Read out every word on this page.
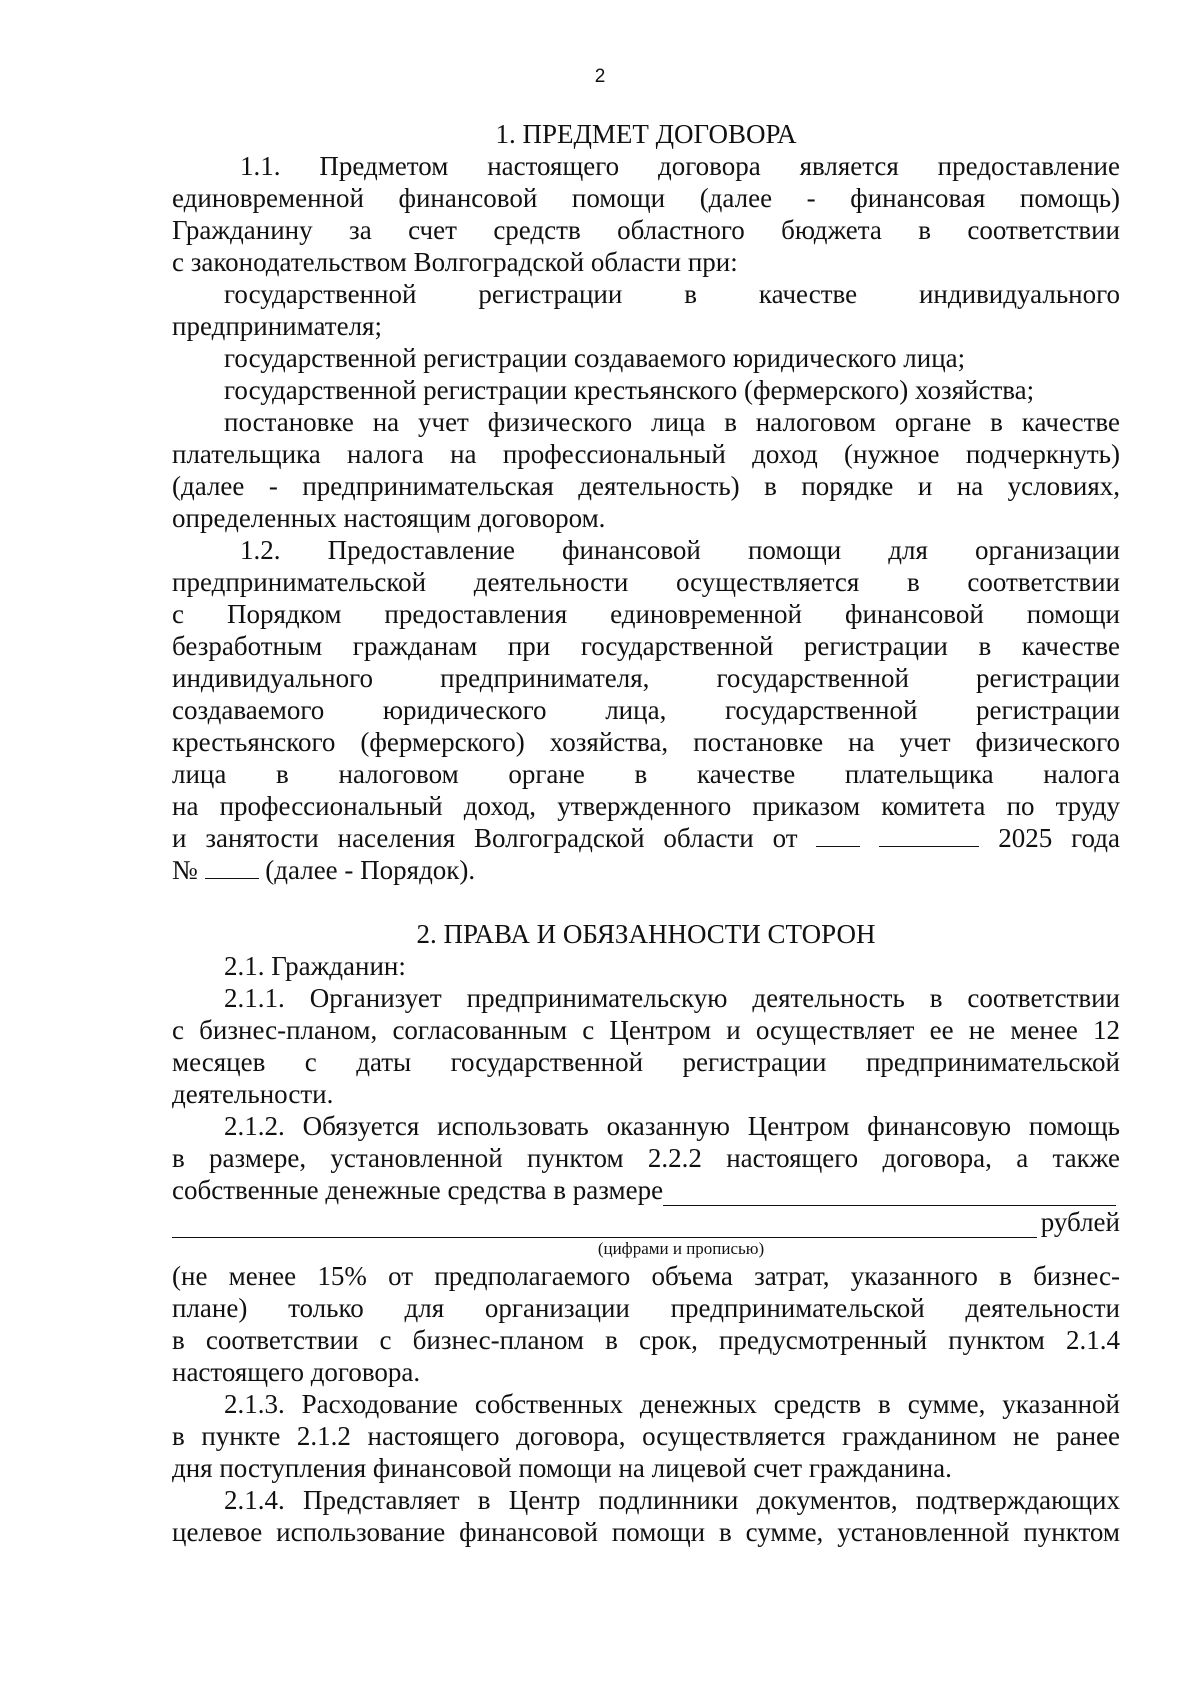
2

1. ПРЕДМЕТ ДОГОВОРА

1.1. Предметом настоящего договора является предоставление

единовременной финансовой помощи (далее - финансовая помощь)

Гражданину за счет средств областного бюджета в соответствии

с законодательством Волгоградской области при:

государственной регистрации в качестве индивидуального

предпринимателя;

государственной регистрации создаваемого юридического лица;

государственной регистрации крестьянского (фермерского) хозяйства;

постановке на учет физического лица в налоговом органе в качестве

плательщика налога на профессиональный доход (нужное подчеркнуть)

(далее - предпринимательская деятельность) в порядке и на условиях,

определенных настоящим договором.

1.2. Предоставление финансовой помощи для организации

предпринимательской деятельности осуществляется в соответствии

с Порядком предоставления единовременной финансовой помощи

безработным гражданам при государственной регистрации в качестве

индивидуального предпринимателя, государственной регистрации

создаваемого юридического лица, государственной регистрации

крестьянского (фермерского) хозяйства, постановке на учет физического

лица в налоговом органе в качестве плательщика налога

на профессиональный доход, утвержденного приказом комитета по труду

и занятости населения Волгоградской области от	2025 года

№	(далее - Порядок).

2. ПРАВА И ОБЯЗАННОСТИ СТОРОН

2.1. Гражданин:

2.1.1. Организует предпринимательскую деятельность в соответствии

с бизнес-планом, согласованным с Центром и осуществляет ее не менее 12

месяцев с даты государственной регистрации предпринимательской

деятельности.

2.1.2. Обязуется использовать оказанную Центром финансовую помощь

в размере, установленной пунктом 2.2.2 настоящего договора, а также

собственные денежные средства в размере
рублей

(цифрами и прописью)

(не менее 15% от предполагаемого объема затрат, указанного в бизнес-

плане) только для организации предпринимательской деятельности

в соответствии с бизнес-планом в срок, предусмотренный пунктом 2.1.4

настоящего договора.

2.1.3. Расходование собственных денежных средств в сумме, указанной

в пункте 2.1.2 настоящего договора, осуществляется гражданином не ранее

дня поступления финансовой помощи на лицевой счет гражданина.

2.1.4. Представляет в Центр подлинники документов, подтверждающих

целевое использование финансовой помощи в сумме, установленной пунктом
